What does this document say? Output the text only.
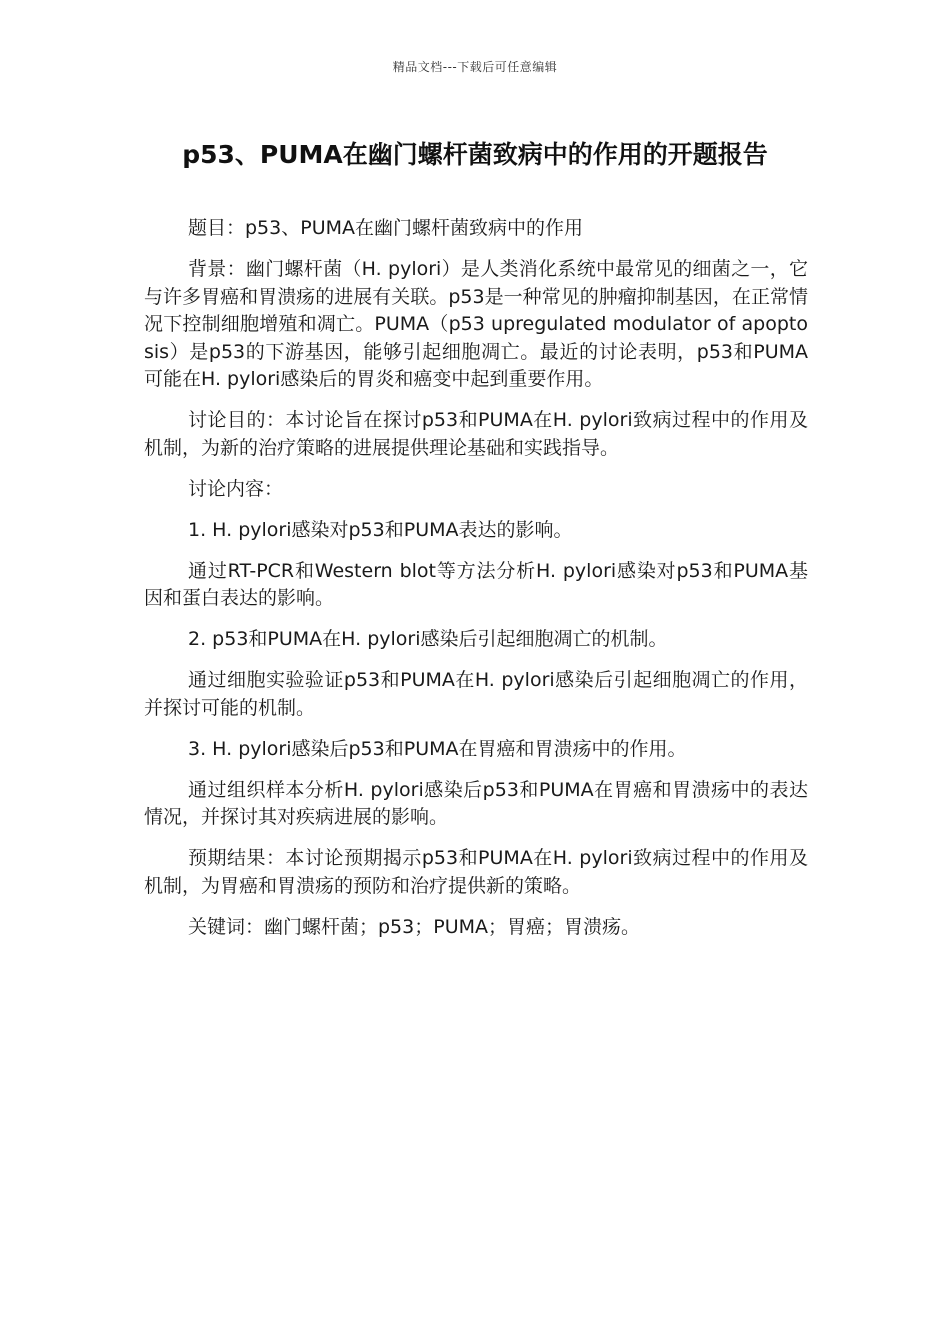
精品文档---下载后可任意编辑
p53、PUMA在幽门螺杆菌致病中的作用的开题报告

题目：p53、PUMA在幽门螺杆菌致病中的作用

背景：幽门螺杆菌（H. pylori）是人类消化系统中最常见的细菌之一，它与许多胃癌和胃溃疡的进展有关联。p53是一种常见的肿瘤抑制基因，在正常情况下控制细胞增殖和凋亡。PUMA（p53 upregulated modulator of apoptosis）是p53的下游基因，能够引起细胞凋亡。最近的讨论表明，p53和PUMA可能在H. pylori感染后的胃炎和癌变中起到重要作用。

讨论目的：本讨论旨在探讨p53和PUMA在H. pylori致病过程中的作用及机制，为新的治疗策略的进展提供理论基础和实践指导。

讨论内容：

1. H. pylori感染对p53和PUMA表达的影响。

通过RT-PCR和Western blot等方法分析H. pylori感染对p53和PUMA基因和蛋白表达的影响。

2. p53和PUMA在H. pylori感染后引起细胞凋亡的机制。

通过细胞实验验证p53和PUMA在H. pylori感染后引起细胞凋亡的作用，并探讨可能的机制。

3. H. pylori感染后p53和PUMA在胃癌和胃溃疡中的作用。

通过组织样本分析H. pylori感染后p53和PUMA在胃癌和胃溃疡中的表达情况，并探讨其对疾病进展的影响。

预期结果：本讨论预期揭示p53和PUMA在H. pylori致病过程中的作用及机制，为胃癌和胃溃疡的预防和治疗提供新的策略。

关键词：幽门螺杆菌；p53；PUMA；胃癌；胃溃疡。
